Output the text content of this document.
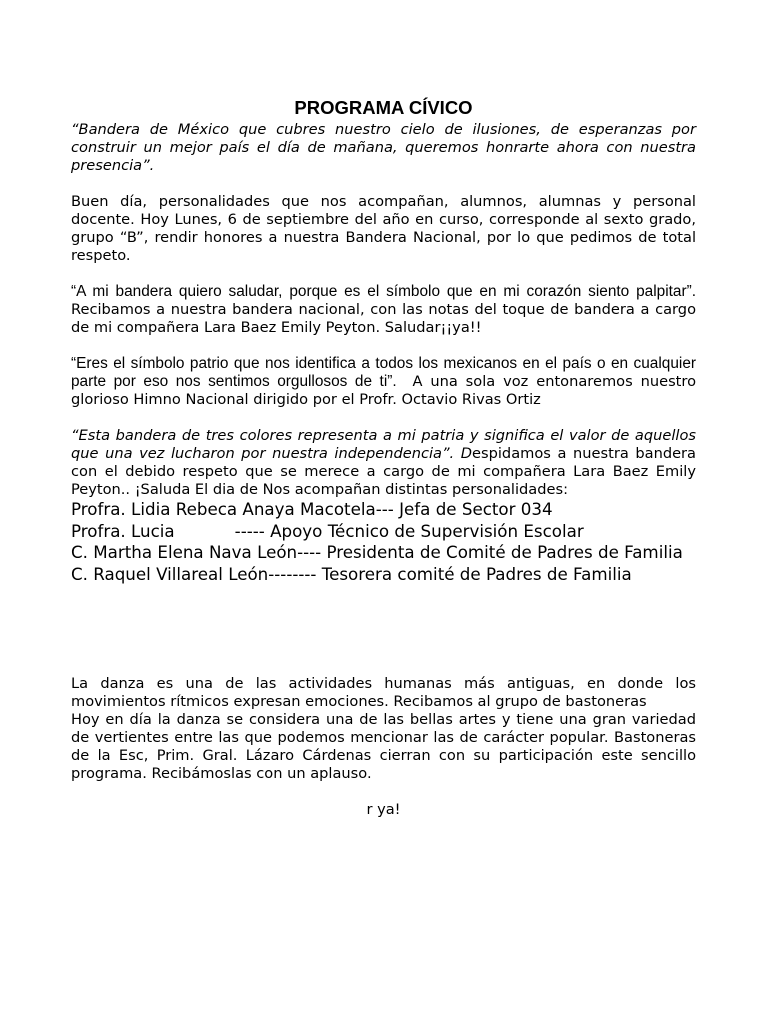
PROGRAMA CÍVICO

“Bandera de México que cubres nuestro cielo de ilusiones, de esperanzas por construir un mejor país el día de mañana, queremos honrarte ahora con nuestra presencia”.

Buen día, personalidades que nos acompañan, alumnos, alumnas y personal docente. Hoy Lunes, 6 de septiembre del año en curso, corresponde al sexto grado, grupo “B”, rendir honores a nuestra Bandera Nacional, por lo que pedimos de total respeto.

“A mi bandera quiero saludar, porque es el símbolo que en mi corazón siento palpitar”. Recibamos a nuestra bandera nacional, con las notas del toque de bandera a cargo de mi compañera Lara Baez Emily Peyton. Saludar¡¡ya!!

“Eres el símbolo patrio que nos identifica a todos los mexicanos en el país o en cualquier parte por eso nos sentimos orgullosos de ti”. A una sola voz entonaremos nuestro glorioso Himno Nacional dirigido por el Profr. Octavio Rivas Ortiz

“Esta bandera de tres colores representa a mi patria y significa el valor de aquellos que una vez lucharon por nuestra independencia”. Despidamos a nuestra bandera con el debido respeto que se merece a cargo de mi compañera Lara Baez Emily Peyton.. ¡Saluda El dia de Nos acompañan distintas personalidades:

Profra. Lidia Rebeca Anaya Macotela--- Jefa de Sector 034

Profra. Lucia	----- Apoyo Técnico de Supervisión Escolar

C. Martha Elena Nava León---- Presidenta de Comité de Padres de Familia

C. Raquel Villareal León-------- Tesorera comité de Padres de Familia

La danza es una de las actividades humanas más antiguas, en donde los movimientos rítmicos expresan emociones. Recibamos al grupo de bastoneras

Hoy en día la danza se considera una de las bellas artes y tiene una gran variedad de vertientes entre las que podemos mencionar las de carácter popular. Bastoneras de la Esc, Prim. Gral. Lázaro Cárdenas cierran con su participación este sencillo programa. Recibámoslas con un aplauso.

r ya!
